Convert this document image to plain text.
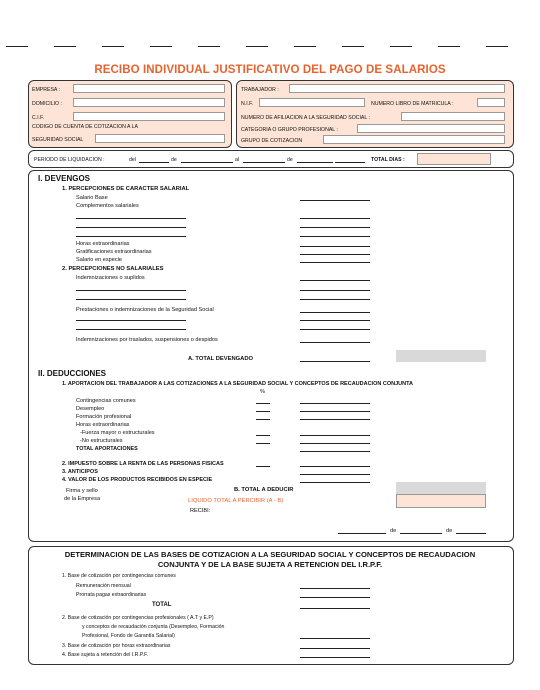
RECIBO INDIVIDUAL JUSTIFICATIVO DEL PAGO DE SALARIOS
EMPRESA :
DOMICILIO :
C.I.F.
CODIGO DE CUENTA DE COTIZACION A LA
SEGURIDAD SOCIAL
TRABAJADOR :
N.I.F.	NUMERO LIBRO DE MATRICULA :
NUMERO DE AFILIACION A LA SEGURIDAD SOCIAL :
CATEGORIA O GRUPO PROFESIONAL :
GRUPO DE COTIZACION
PERIODO DE LIQUIDACION :	del	de	al	de	TOTAL DIAS :
I. DEVENGOS
1. PERCEPCIONES DE CARACTER SALARIAL
Salario Base
Complementos salariales
Horas extraordinarias
Gratificaciones extraordinarias
Salario en especie
2. PERCEPCIONES NO SALARIALES
Indemnizaciones o suplidos
Prestaciones o indemnizaciones de la Seguridad Social
Indemnizaciones por traslados, suspensiones o despidos
A. TOTAL DEVENGADO
II. DEDUCCIONES
1. APORTACION DEL TRABAJADOR A LAS COTIZACIONES A LA SEGURIDAD SOCIAL Y CONCEPTOS DE RECAUDACION CONJUNTA
%
Contingencias comunes
Desempleo
Formación profesional
Horas extraordinarias
-Fuerza mayor o estructurales
-No estructurales
TOTAL APORTACIONES
2. IMPUESTO SOBRE LA RENTA DE LAS PERSONAS FISICAS
3. ANTICIPOS
4. VALOR DE LOS PRODUCTOS RECIBIDOS EN ESPECIE
Firma y sello
de la Empresa
B. TOTAL A DEDUCIR
LIQUIDO TOTAL A PERCIBIR (A - B)
RECIBI:
de	de
DETERMINACION DE LAS BASES DE COTIZACION A LA SEGURIDAD SOCIAL Y CONCEPTOS DE RECAUDACION
CONJUNTA Y DE LA BASE SUJETA A RETENCION DEL I.R.P.F.
1. Base de cotización por contingencias comunes
Remuneración mensual
Prorrata pagas extraordinarias
TOTAL
2. Base de cotización por contingencias profesionales ( A.T y E.P)
y conceptos de recaudación conjunta (Desempleo, Formación
Profesional, Fondo de Garantía Salarial)
3. Base de cotización por horas extraordinarias
4. Base sujeta a retención del I.R.P.F.
